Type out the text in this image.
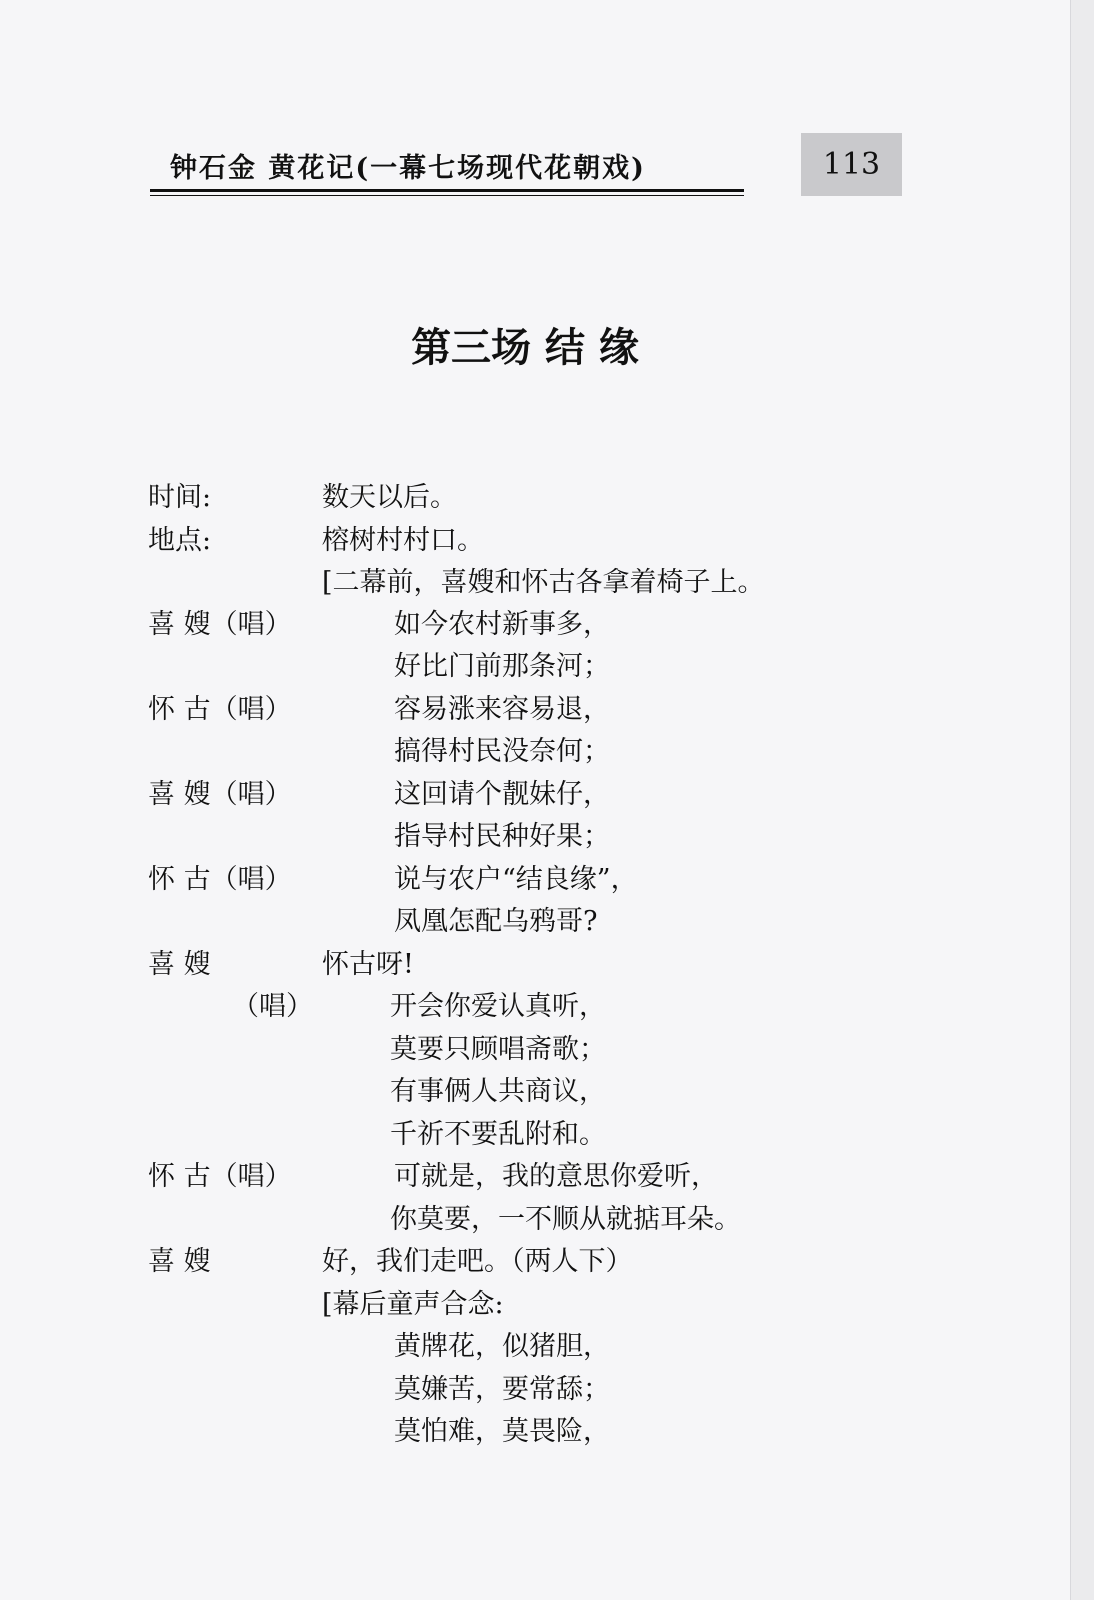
钟石金 黄花记(一幕七场现代花朝戏)	113
第三场 结 缘
时间:	数天以后。
地点:	榕树村村口。
[二幕前，喜嫂和怀古各拿着椅子上。
喜 嫂（唱）	如今农村新事多，
好比门前那条河；
怀 古（唱）	容易涨来容易退，
搞得村民没奈何；
喜 嫂（唱）	这回请个靓妹仔，
指导村民种好果；
怀 古（唱）	说与农户“结良缘”，
凤凰怎配乌鸦哥?
喜 嫂	怀古呀!
（唱）	开会你爱认真听，
莫要只顾唱斋歌；
有事俩人共商议，
千祈不要乱附和。
怀 古（唱）	可就是，我的意思你爱听，
你莫要，一不顺从就掂耳朵。
喜 嫂	好，我们走吧。（两人下）
[幕后童声合念:
黄牌花，似猪胆，
莫嫌苦，要常舔；
莫怕难，莫畏险，
